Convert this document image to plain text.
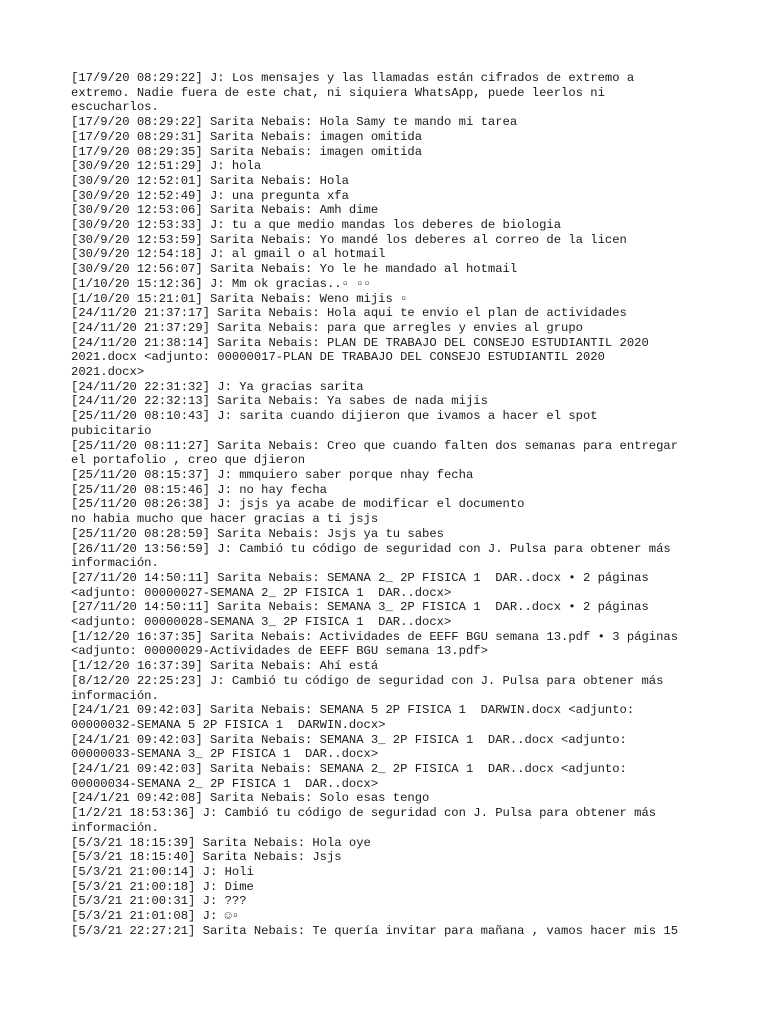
[17/9/20 08:29:22] J: Los mensajes y las llamadas están cifrados de extremo a
extremo. Nadie fuera de este chat, ni siquiera WhatsApp, puede leerlos ni
escucharlos.
[17/9/20 08:29:22] Sarita Nebais: Hola Samy te mando mi tarea
[17/9/20 08:29:31] Sarita Nebais: imagen omitida
[17/9/20 08:29:35] Sarita Nebais: imagen omitida
[30/9/20 12:51:29] J: hola
[30/9/20 12:52:01] Sarita Nebais: Hola
[30/9/20 12:52:49] J: una pregunta xfa
[30/9/20 12:53:06] Sarita Nebais: Amh dime
[30/9/20 12:53:33] J: tu a que medio mandas los deberes de biologia
[30/9/20 12:53:59] Sarita Nebais: Yo mandé los deberes al correo de la licen
[30/9/20 12:54:18] J: al gmail o al hotmail
[30/9/20 12:56:07] Sarita Nebais: Yo le he mandado al hotmail
[1/10/20 15:12:36] J: Mm ok gracias..▫ ▫▫
[1/10/20 15:21:01] Sarita Nebais: Weno mijis ▫
[24/11/20 21:37:17] Sarita Nebais: Hola aqui te envio el plan de actividades
[24/11/20 21:37:29] Sarita Nebais: para que arregles y envies al grupo
[24/11/20 21:38:14] Sarita Nebais: PLAN DE TRABAJO DEL CONSEJO ESTUDIANTIL 2020
2021.docx <adjunto: 00000017-PLAN DE TRABAJO DEL CONSEJO ESTUDIANTIL 2020
2021.docx>
[24/11/20 22:31:32] J: Ya gracias sarita
[24/11/20 22:32:13] Sarita Nebais: Ya sabes de nada mijis
[25/11/20 08:10:43] J: sarita cuando dijieron que ivamos a hacer el spot
pubicitario
[25/11/20 08:11:27] Sarita Nebais: Creo que cuando falten dos semanas para entregar
el portafolio , creo que djieron
[25/11/20 08:15:37] J: mmquiero saber porque nhay fecha
[25/11/20 08:15:46] J: no hay fecha
[25/11/20 08:26:38] J: jsjs ya acabe de modificar el documento
no habia mucho que hacer gracias a ti jsjs
[25/11/20 08:28:59] Sarita Nebais: Jsjs ya tu sabes
[26/11/20 13:56:59] J: Cambió tu código de seguridad con J. Pulsa para obtener más
información.
[27/11/20 14:50:11] Sarita Nebais: SEMANA 2_ 2P FISICA 1  DAR..docx • 2 páginas
<adjunto: 00000027-SEMANA 2_ 2P FISICA 1  DAR..docx>
[27/11/20 14:50:11] Sarita Nebais: SEMANA 3_ 2P FISICA 1  DAR..docx • 2 páginas
<adjunto: 00000028-SEMANA 3_ 2P FISICA 1  DAR..docx>
[1/12/20 16:37:35] Sarita Nebais: Actividades de EEFF BGU semana 13.pdf • 3 páginas
<adjunto: 00000029-Actividades de EEFF BGU semana 13.pdf>
[1/12/20 16:37:39] Sarita Nebais: Ahí está
[8/12/20 22:25:23] J: Cambió tu código de seguridad con J. Pulsa para obtener más
información.
[24/1/21 09:42:03] Sarita Nebais: SEMANA 5 2P FISICA 1  DARWIN.docx <adjunto:
00000032-SEMANA 5 2P FISICA 1  DARWIN.docx>
[24/1/21 09:42:03] Sarita Nebais: SEMANA 3_ 2P FISICA 1  DAR..docx <adjunto:
00000033-SEMANA 3_ 2P FISICA 1  DAR..docx>
[24/1/21 09:42:03] Sarita Nebais: SEMANA 2_ 2P FISICA 1  DAR..docx <adjunto:
00000034-SEMANA 2_ 2P FISICA 1  DAR..docx>
[24/1/21 09:42:08] Sarita Nebais: Solo esas tengo
[1/2/21 18:53:36] J: Cambió tu código de seguridad con J. Pulsa para obtener más
información.
[5/3/21 18:15:39] Sarita Nebais: Hola oye
[5/3/21 18:15:40] Sarita Nebais: Jsjs
[5/3/21 21:00:14] J: Holi
[5/3/21 21:00:18] J: Dime
[5/3/21 21:00:31] J: ???
[5/3/21 21:01:08] J: ☺▫
[5/3/21 22:27:21] Sarita Nebais: Te quería invitar para mañana , vamos hacer mis 15
